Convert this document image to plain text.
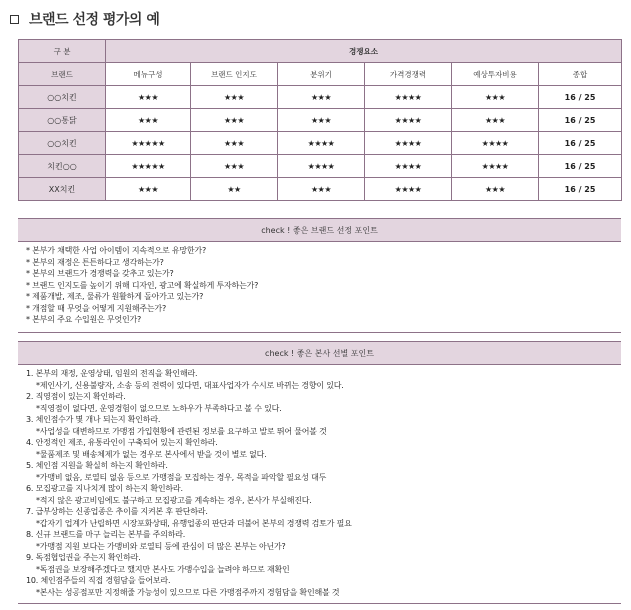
브랜드 선정 평가의 예
구 분	경쟁요소					
브랜드	메뉴구성	브랜드 인지도	분위기	가격경쟁력	예상투자비용	종합
○○치킨	★★★	★★★	★★★	★★★★	★★★	16 / 25
○○통닭	★★★	★★★	★★★	★★★★	★★★	16 / 25
○○치킨	★★★★★	★★★	★★★★	★★★★	★★★★	16 / 25
치킨○○	★★★★★	★★★	★★★★	★★★★	★★★★	16 / 25
XX치킨	★★★	★★	★★★	★★★★	★★★	16 / 25
check ! 좋은 브랜드 선정 포인트
* 본부가 채택한 사업 아이템이 지속적으로 유망한가?
* 본부의 재정은 튼튼하다고 생각하는가?
* 본부의 브랜드가 경쟁력을 갖추고 있는가?
* 브랜드 인지도를 높이기 위해 디자인, 광고에 확실하게 투자하는가?
* 제품개발, 제조, 물류가 원활하게 돌아가고 있는가?
* 개점할 때 무엇을 어떻게 지원해주는가?
* 본부의 주요 수입원은 무엇인가?
check ! 좋은 본사 선별 포인트
1. 본부의 재정, 운영상태, 임원의 전직을 확인해라.
*제인사기, 신용불량자, 소송 등의 전력이 있다면, 대표사업자가 수시로 바뀌는 경향이 있다.
2. 직영점이 있는지 확인하라.
*직영점이 없다면, 운영경험이 없으므로 노하우가 부족하다고 볼 수 있다.
3. 체인점수가 몇 개나 되는지 확인하라.
*사업성을 대변하므로 가맹점 가입현황에 관련된 정보를 요구하고 발로 뛰어 물어볼 것
4. 안정적인 제조, 유통라인이 구축되어 있는지 확인하라.
*물품제조 및 배송체제가 없는 경우로 본사에서 받을 것이 별로 없다.
5. 체인점 지원을 확실히 하는지 확인하라.
*가맹비 없음, 로열티 없음 등으로 가맹점을 모집하는 경우, 목적을 파악할 필요성 대두
6. 모집광고를 지나치게 많이 하는지 확인하라.
*적지 않은 광고비임에도 불구하고 모집광고를 계속하는 경우, 본사가 부실해진다.
7. 급부상하는 신종업종은 추이를 지켜본 후 판단하라.
*갑자기 업계가 난립하면 시장포화상태, 유행업종의 판단과 더불어 본부의 경쟁력 검토가 필요
8. 신규 브랜드를 마구 늘리는 본부를 주의하라.
*가맹점 지원 보다는 가맹비와 로열티 등에 관심이 더 많은 본부는 아닌가?
9. 독점협업권을 주는지 확인하라.
*독점권을 보장해주겠다고 했지만 본사도 가맹수입을 늘려야 하므로 재확인
10. 체인점주들의 직접 경험담을 들어보라.
*본사는 성공점포만 지정해줄 가능성이 있으므로 다른 가맹점주까지 경험담을 확인해볼 것
